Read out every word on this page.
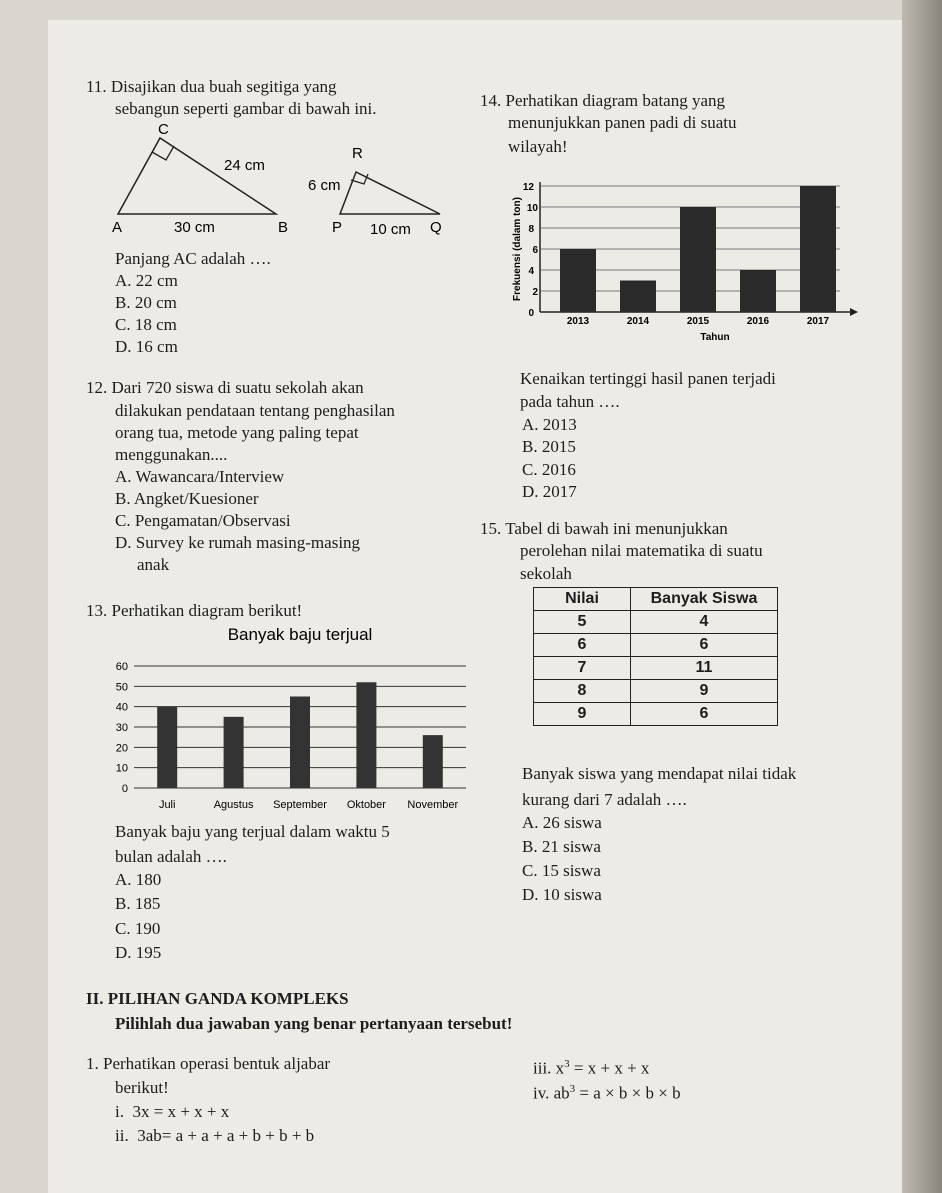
11. Disajikan dua buah segitiga yang
sebangun seperti gambar di bawah ini.
C
A	B
24 cm
30 cm
R
P	Q
6 cm
10 cm
Panjang AC adalah ….
A. 22 cm
B. 20 cm
C. 18 cm
D. 16 cm
12. Dari 720 siswa di suatu sekolah akan
dilakukan pendataan tentang penghasilan
orang tua, metode yang paling tepat
menggunakan....
A. Wawancara/Interview
B. Angket/Kuesioner
C. Pengamatan/Observasi
D. Survey ke rumah masing-masing
anak
13. Perhatikan diagram berikut!
Banyak baju terjual
0
10
20
30
40
50
60
Juli	Agustus September Oktober November
Banyak baju yang terjual dalam waktu 5
bulan adalah ….
A. 180
B. 185
C. 190
D. 195
14. Perhatikan diagram batang yang
menunjukkan panen padi di suatu
wilayah!
0
2
4
6
8
10
12
Frekuensi (dalam ton)
2013	2014	2015	2016	2017
Tahun
Kenaikan tertinggi hasil panen terjadi
pada tahun ….
A. 2013
B. 2015
C. 2016
D. 2017
15. Tabel di bawah ini menunjukkan
perolehan nilai matematika di suatu
sekolah
Nilai	Banyak Siswa
5	4
6	6
7	11
8	9
9	6
Banyak siswa yang mendapat nilai tidak
kurang dari 7 adalah ….
A. 26 siswa
B. 21 siswa
C. 15 siswa
D. 10 siswa
II. PILIHAN GANDA KOMPLEKS
Pilihlah dua jawaban yang benar pertanyaan tersebut!
1. Perhatikan operasi bentuk aljabar
berikut!
i. 3x = x + x + x
ii. 3ab= a + a + a + b + b + b
iii. $x^3 = x + x + x$
iv. $ab^3 = a \times b \times b \times b$
